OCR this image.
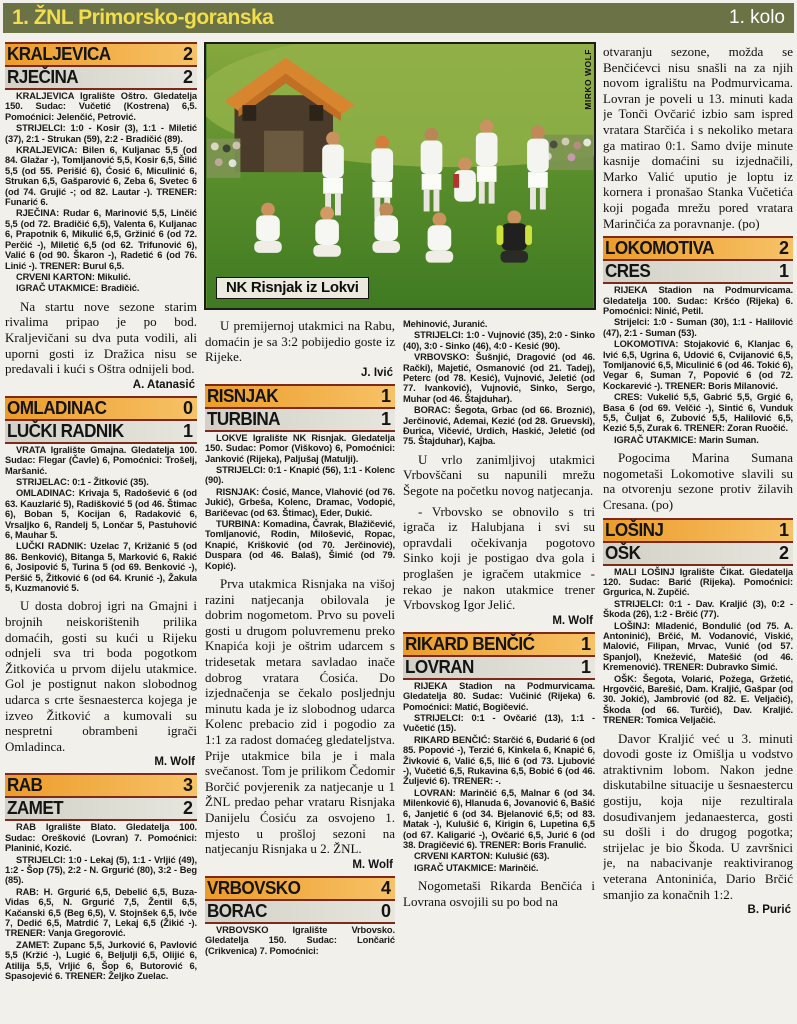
1. ŽNL Primorsko-goranska	1. kolo
NK Risnjak iz Lokvi
MIRKO WOLF
KRALJEVICA	2
RJEČINA	2

KRALJEVICA Igralište Oštro. Gledatelja 150. Sudac: Vučetić (Kostrena) 6,5. Pomoćnici: Jelenčić, Petrović.

STRIJELCI: 1:0 - Kosir (3), 1:1 - Miletić (37), 2:1 - Strukan (59), 2:2 - Bradičić (89).

KRALJEVICA: Bilen 6, Kuljanac 5,5 (od 84. Glažar -), Tomljanović 5,5, Kosir 6,5, Šilić 5,5 (od 55. Perišić 6), Ćosić 6, Miculinić 6, Strukan 6,5, Gašparović 6, Zeba 6, Svetec 6 (od 74. Grujić -; od 82. Lautar -). TRENER: Funarić 6.

RJEČINA: Rudar 6, Marinović 5,5, Linčić 5,5 (od 72. Bradičić 6,5), Valenta 6, Kuljanac 6, Prapotnik 6, Mikulić 6,5, Gržinić 6 (od 72. Perčić -), Miletić 6,5 (od 62. Trifunović 6), Valić 6 (od 90. Škaron -), Radetić 6 (od 76. Linić -). TRENER: Burul 6,5.

CRVENI KARTON: Mikulić.

IGRAČ UTAKMICE: Bradičić.

Na startu nove sezone starim rivalima pripao je po bod. Kraljevičani su dva puta vodili, ali uporni gosti iz Dražica nisu se predavali i kući s Oštra odnijeli bod.

A. Atanasić

OMLADINAC	0
LUČKI RADNIK	1

VRATA Igralište Gmajna. Gledatelja 100. Sudac: Flegar (Čavle) 6, Pomoćnici: Trošelj, Maršanić.

STRIJELAC: 0:1 - Žitković (35).

OMLADINAC: Krivaja 5, Radošević 6 (od 63. Kauzlarić 5), Radišković 5 (od 46. Štimac 6), Boban 5, Kocijan 6, Radaković 6, Vrsaljko 6, Randelj 5, Lončar 5, Pastuhović 6, Mauhar 5.

LUČKI RADNIK: Uzelac 7, Križanić 5 (od 86. Benković), Bitanga 5, Marković 6, Rakić 6, Josipović 5, Turina 5 (od 69. Benković -), Peršić 5, Žitković 6 (od 64. Krunić -), Žakula 5, Kuzmanović 5.

U dosta dobroj igri na Gmajni i brojnih neiskorištenih prilika domaćih, gosti su kući u Rijeku odnjeli sva tri boda pogotkom Žitkovića u prvom dijelu utakmice. Gol je postignut nakon slobodnog udarca s crte šesnaesterca kojega je izveo Žitković a kumovali su nespretni obrambeni igrači Omladinca.

M. Wolf

RAB	3
ZAMET	2

RAB Igralište Blato. Gledatelja 100. Sudac: Orešković (Lovran) 7. Pomoćnici: Planinić, Kozić.

STRIJELCI: 1:0 - Lekaj (5), 1:1 - Vrljić (49), 1:2 - Šop (75), 2:2 - N. Grgurić (80), 3:2 - Beg (85).

RAB: H. Grgurić 6,5, Debelić 6,5, Buza-Vidas 6,5, N. Grgurić 7,5, Žentil 6,5, Kačanski 6,5 (Beg 6,5), V. Stojnšek 6,5, Ivče 7, Dedić 6,5, Matrdić 7, Lekaj 6,5 (Žikić -). TRENER: Vanja Gregorović.

ZAMET: Zupanc 5,5, Jurković 6, Pavlović 5,5 (Kržić -), Lugić 6, Beljulji 6,5, Olijić 6, Atilija 5,5, Vrljić 6, Šop 6, Butorović 6, Spasojević 6. TRENER: Željko Zuelac.

U premijernoj utakmici na Rabu, domaćin je sa 3:2 pobijedio goste iz Rijeke.

J. Ivić

RISNJAK	1
TURBINA	1

LOKVE Igralište NK Risnjak. Gledatelja 150. Sudac: Pomor (Viškovo) 6, Pomoćnici: Janković (Rijeka), Paljušaj (Matulji).

STRIJELCI: 0:1 - Knapić (56), 1:1 - Kolenc (90).

RISNJAK: Ćosić, Mance, Vlahović (od 76. Jukić), Grbeša, Kolenc, Dramac, Vodopić, Baričevac (od 63. Štimac), Eder, Dukić.

TURBINA: Komadina, Čavrak, Blažičević, Tomljanović, Rodin, Milošević, Ropac, Knapić, Krišković (od 70. Jerčinović), Duspara (od 46. Balaš), Šimić (od 79. Kopić).

Prva utakmica Risnjaka na višoj razini natjecanja obilovala je dobrim nogometom. Prvo su poveli gosti u drugom poluvremenu preko Knapića koji je oštrim udarcem s tridesetak metara savladao inače dobrog vratara Ćosića. Do izjednačenja se čekalo posljednju minutu kada je iz slobodnog udarca Kolenc prebacio zid i pogodio za 1:1 za radost domaćeg gledateljstva. Prije utakmice bila je i mala svečanost. Tom je prilikom Čedomir Borčić povjerenik za natjecanje u 1 ŽNL predao pehar vrataru Risnjaka Danijelu Ćosiću za osvojeno 1. mjesto u prošloj sezoni na natjecanju Risnjaka u 2. ŽNL.

M. Wolf

VRBOVSKO	4
BORAC	0

VRBOVSKO Igralište Vrbovsko. Gledatelja 150. Sudac: Lončarić (Crikvenica) 7. Pomoćnici:

Mehinović, Juranić.

STRIJELCI: 1:0 - Vujnović (35), 2:0 - Sinko (40), 3:0 - Sinko (46), 4:0 - Kesić (90).

VRBOVSKO: Šušnjić, Dragović (od 46. Rački), Majetić, Osmanović (od 21. Tadej), Peterc (od 78. Kesić), Vujnović, Jeletić (od 77. Ivanković), Vujnović, Sinko, Sergo, Muhar (od 46. Štajduhar).

BORAC: Šegota, Grbac (od 66. Broznić), Jerčinović, Ademai, Kezić (od 28. Gruevski), Đurica, Vičević, Urdich, Haskić, Jeletić (od 75. Štajduhar), Kajba.

U vrlo zanimljivoj utakmici Vrbovščani su napunili mrežu Šegote na početku novog natjecanja.

- Vrbovsko se obnovilo s tri igrača iz Halubjana i svi su opravdali očekivanja pogotovo Sinko koji je postigao dva gola i proglašen je igračem utakmice - rekao je nakon utakmice trener Vrbovskog Igor Jelić.

M. Wolf

RIKARD BENČIĆ	1
LOVRAN	1

RIJEKA Stadion na Podmurvicama. Gledatelja 80. Sudac: Vučinić (Rijeka) 6. Pomoćnici: Matić, Bogičević.

STRIJELCI: 0:1 - Ovčarić (13), 1:1 - Vučetić (15).

RIKARD BENČIĆ: Starčić 6, Đudarić 6 (od 85. Popović -), Terzić 6, Kinkela 6, Knapić 6, Živković 6, Valić 6,5, Ilić 6 (od 73. Ljubović -), Vučetić 6,5, Rukavina 6,5, Bobić 6 (od 46. Žuljević 6). TRENER: -.

LOVRAN: Marinčić 6,5, Malnar 6 (od 34. Milenković 6), Hlanuda 6, Jovanović 6, Bašić 6, Janjetić 6 (od 34. Bjelanović 6,5; od 83. Matak -), Kulušić 6, Kirigin 6, Lupetina 6,5 (od 67. Kaligarić -), Ovčarić 6,5, Jurić 6 (od 38. Dragičević 6). TRENER: Boris Franulić.

CRVENI KARTON: Kulušić (63).

IGRAČ UTAKMICE: Marinčić.

Nogometaši Rikarda Benčića i Lovrana osvojili su po bod na

otvaranju sezone, možda se Benčićevci nisu snašli na za njih novom igralištu na Podmurvicama. Lovran je poveli u 13. minuti kada je Tonči Ovčarić izbio sam ispred vratara Starčića i s nekoliko metara ga matirao 0:1. Samo dvije minute kasnije domaćini su izjednačili, Marko Valić uputio je loptu iz kornera i pronašao Stanka Vučetića koji pogađa mrežu pored vratara Marinčića za poravnanje. (po)

LOKOMOTIVA	2
CRES	1

RIJEKA Stadion na Podmurvicama. Gledatelja 100. Sudac: Kršćo (Rijeka) 6. Pomoćnici: Ninić, Petil.

Strijelci: 1:0 - Suman (30), 1:1 - Halilović (47), 2:1 - Suman (53).

LOKOMOTIVA: Stojaković 6, Klanjac 6, Ivić 6,5, Ugrina 6, Udović 6, Cvijanović 6,5, Tomljanović 6,5, Miculinić 6 (od 46. Tokić 6), Vegar 6, Suman 7, Popović 6 (od 72. Kockarević -). TRENER: Boris Milanović.

CRES: Vukelić 5,5, Gabrić 5,5, Grgić 6, Basa 6 (od 69. Velčić -), Sintić 6, Vunduk 5,5, Čuljat 6, Zubović 5,5, Halilović 6,5, Kezić 5,5, Zurak 6. TRENER: Zoran Ruočić.

IGRAČ UTAKMICE: Marin Suman.

Pogocima Marina Sumana nogometaši Lokomotive slavili su na otvorenju sezone protiv žilavih Cresana. (po)

LOŠINJ	1
OŠK	2

MALI LOŠINJ Igralište Čikat. Gledatelja 120. Sudac: Barić (Rijeka). Pomoćnici: Grgurica, N. Zupčić.

STRIJELCI: 0:1 - Dav. Kraljić (3), 0:2 - Škoda (26), 1:2 - Brčić (77).

LOŠINJ: Mladenić, Bondulić (od 75. A. Antoninić), Brčić, M. Vodanović, Viskić, Malović, Filipan, Mrvac, Vunić (od 57. Spanjol), Knežević, Matešić (od 46. Kremenović). TRENER: Dubravko Simić.

OŠK: Šegota, Volarić, Požega, Gržetić, Hrgovčić, Barešić, Dam. Kraljić, Gašpar (od 30. Jokić), Jambrović (od 82. E. Veljačić), Škoda (od 66. Turčić), Dav. Kraljić. TRENER: Tomica Veljačić.

Davor Kraljić već u 3. minuti dovodi goste iz Omišlja u vodstvo atraktivnim lobom. Nakon jedne diskutabilne situacije u šesnaestercu gostiju, koja nije rezultirala dosuđivanjem jedanaesterca, gosti su došli i do drugog pogotka; strijelac je bio Škoda. U završnici je, na nabacivanje reaktiviranog veterana Antoninića, Dario Brčić smanjio za konačnih 1:2.

B. Purić
